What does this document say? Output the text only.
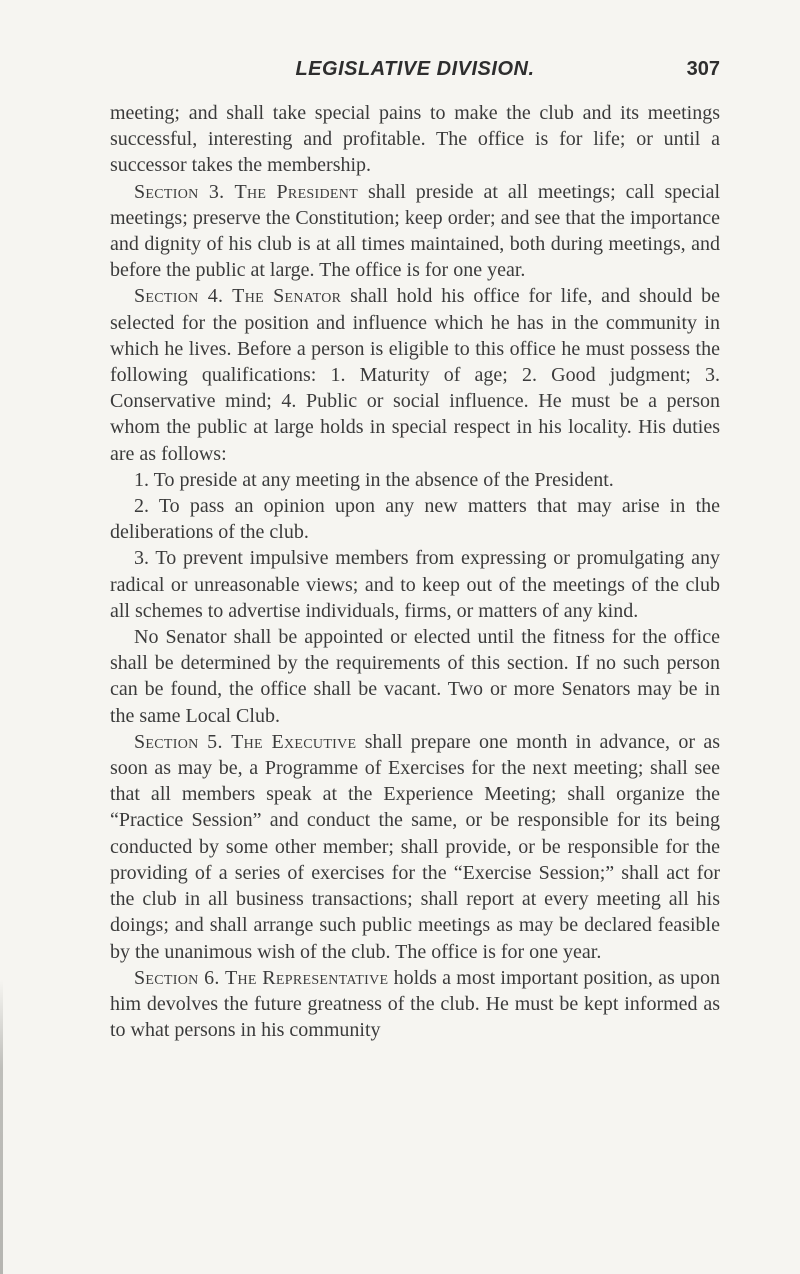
LEGISLATIVE DIVISION.	307

meeting; and shall take special pains to make the club and its meetings successful, interesting and profitable. The office is for life; or until a successor takes the membership.

Section 3. The President shall preside at all meetings; call special meetings; preserve the Constitution; keep order; and see that the importance and dignity of his club is at all times maintained, both during meetings, and before the public at large. The office is for one year.

Section 4. The Senator shall hold his office for life, and should be selected for the position and influence which he has in the community in which he lives. Before a person is eligible to this office he must possess the following qualifications: 1. Maturity of age; 2. Good judgment; 3. Conservative mind; 4. Public or social influence. He must be a person whom the public at large holds in special respect in his locality. His duties are as follows:

1. To preside at any meeting in the absence of the President.

2. To pass an opinion upon any new matters that may arise in the deliberations of the club.

3. To prevent impulsive members from expressing or promulgating any radical or unreasonable views; and to keep out of the meetings of the club all schemes to advertise individuals, firms, or matters of any kind.

No Senator shall be appointed or elected until the fitness for the office shall be determined by the requirements of this section. If no such person can be found, the office shall be vacant. Two or more Senators may be in the same Local Club.

Section 5. The Executive shall prepare one month in advance, or as soon as may be, a Programme of Exercises for the next meeting; shall see that all members speak at the Experience Meeting; shall organize the “Practice Session” and conduct the same, or be responsible for its being conducted by some other member; shall provide, or be responsible for the providing of a series of exercises for the “Exercise Session;” shall act for the club in all business transactions; shall report at every meeting all his doings; and shall arrange such public meetings as may be declared feasible by the unanimous wish of the club. The office is for one year.

Section 6. The Representative holds a most important position, as upon him devolves the future greatness of the club. He must be kept informed as to what persons in his community
